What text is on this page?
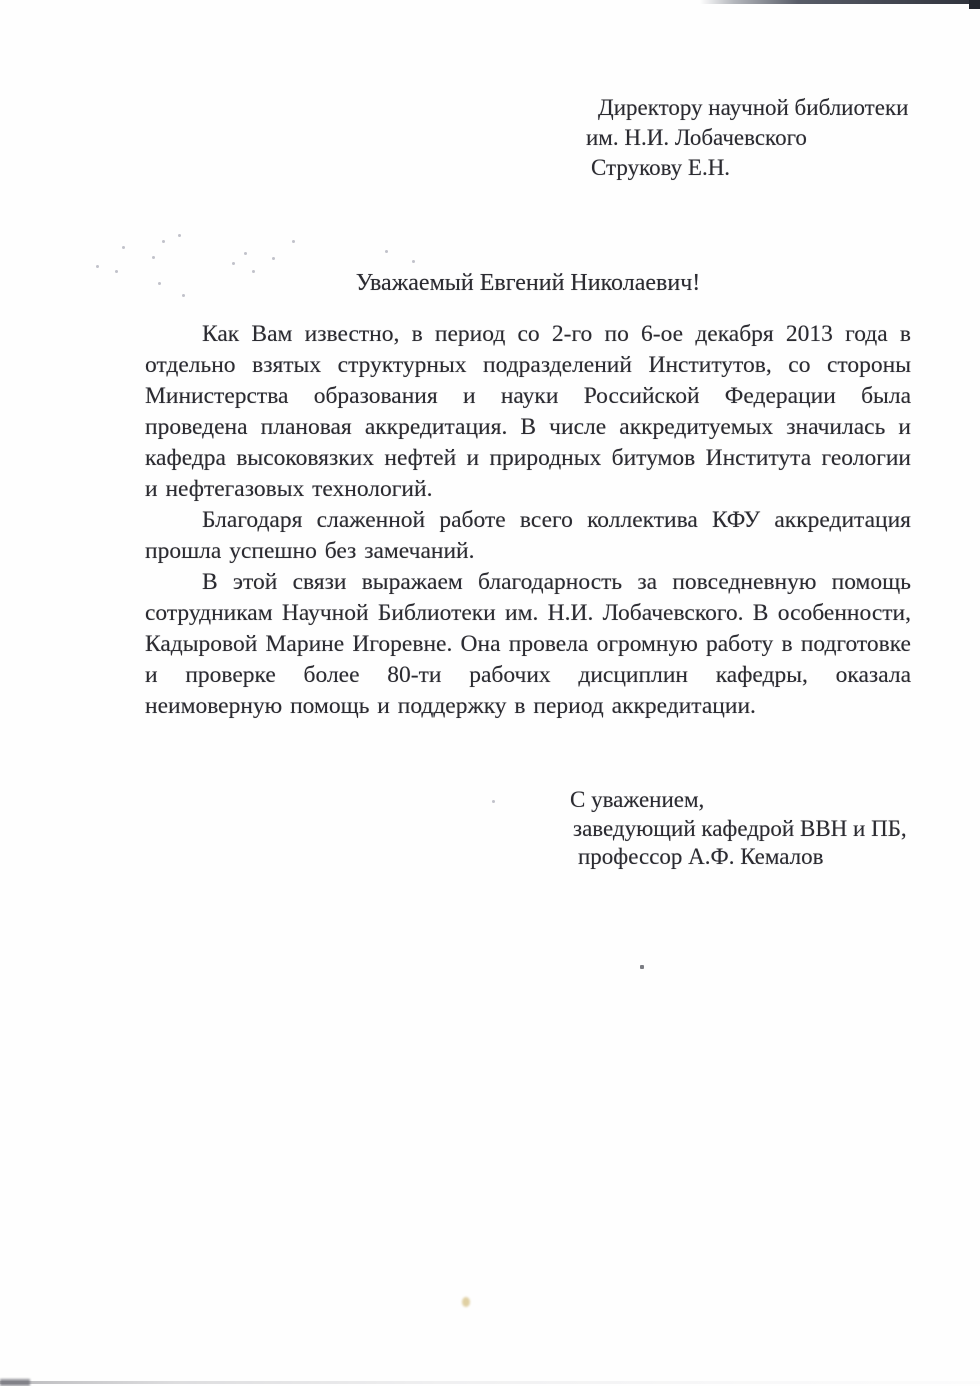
Директору научной библиотеки
им. Н.И. Лобачевского
Струкову Е.Н.
Уважаемый Евгений Николаевич!

Как Вам известно, в период со 2-го по 6-ое декабря 2013 года в отдельно взятых структурных подразделений Институтов, со стороны Министерства образования и науки Российской Федерации была проведена плановая аккредитация. В числе аккредитуемых значилась и кафедра высоковязких нефтей и природных битумов Института геологии и нефтегазовых технологий.

Благодаря слаженной работе всего коллектива КФУ аккредитация прошла успешно без замечаний.

В этой связи выражаем благодарность за повседневную помощь сотрудникам Научной Библиотеки им. Н.И. Лобачевского. В особенности, Кадыровой Марине Игоревне. Она провела огромную работу в подготовке и проверке более 80-ти рабочих дисциплин кафедры, оказала неимоверную помощь и поддержку в период аккредитации.

С уважением,
заведующий кафедрой ВВН и ПБ,
профессор А.Ф. Кемалов
